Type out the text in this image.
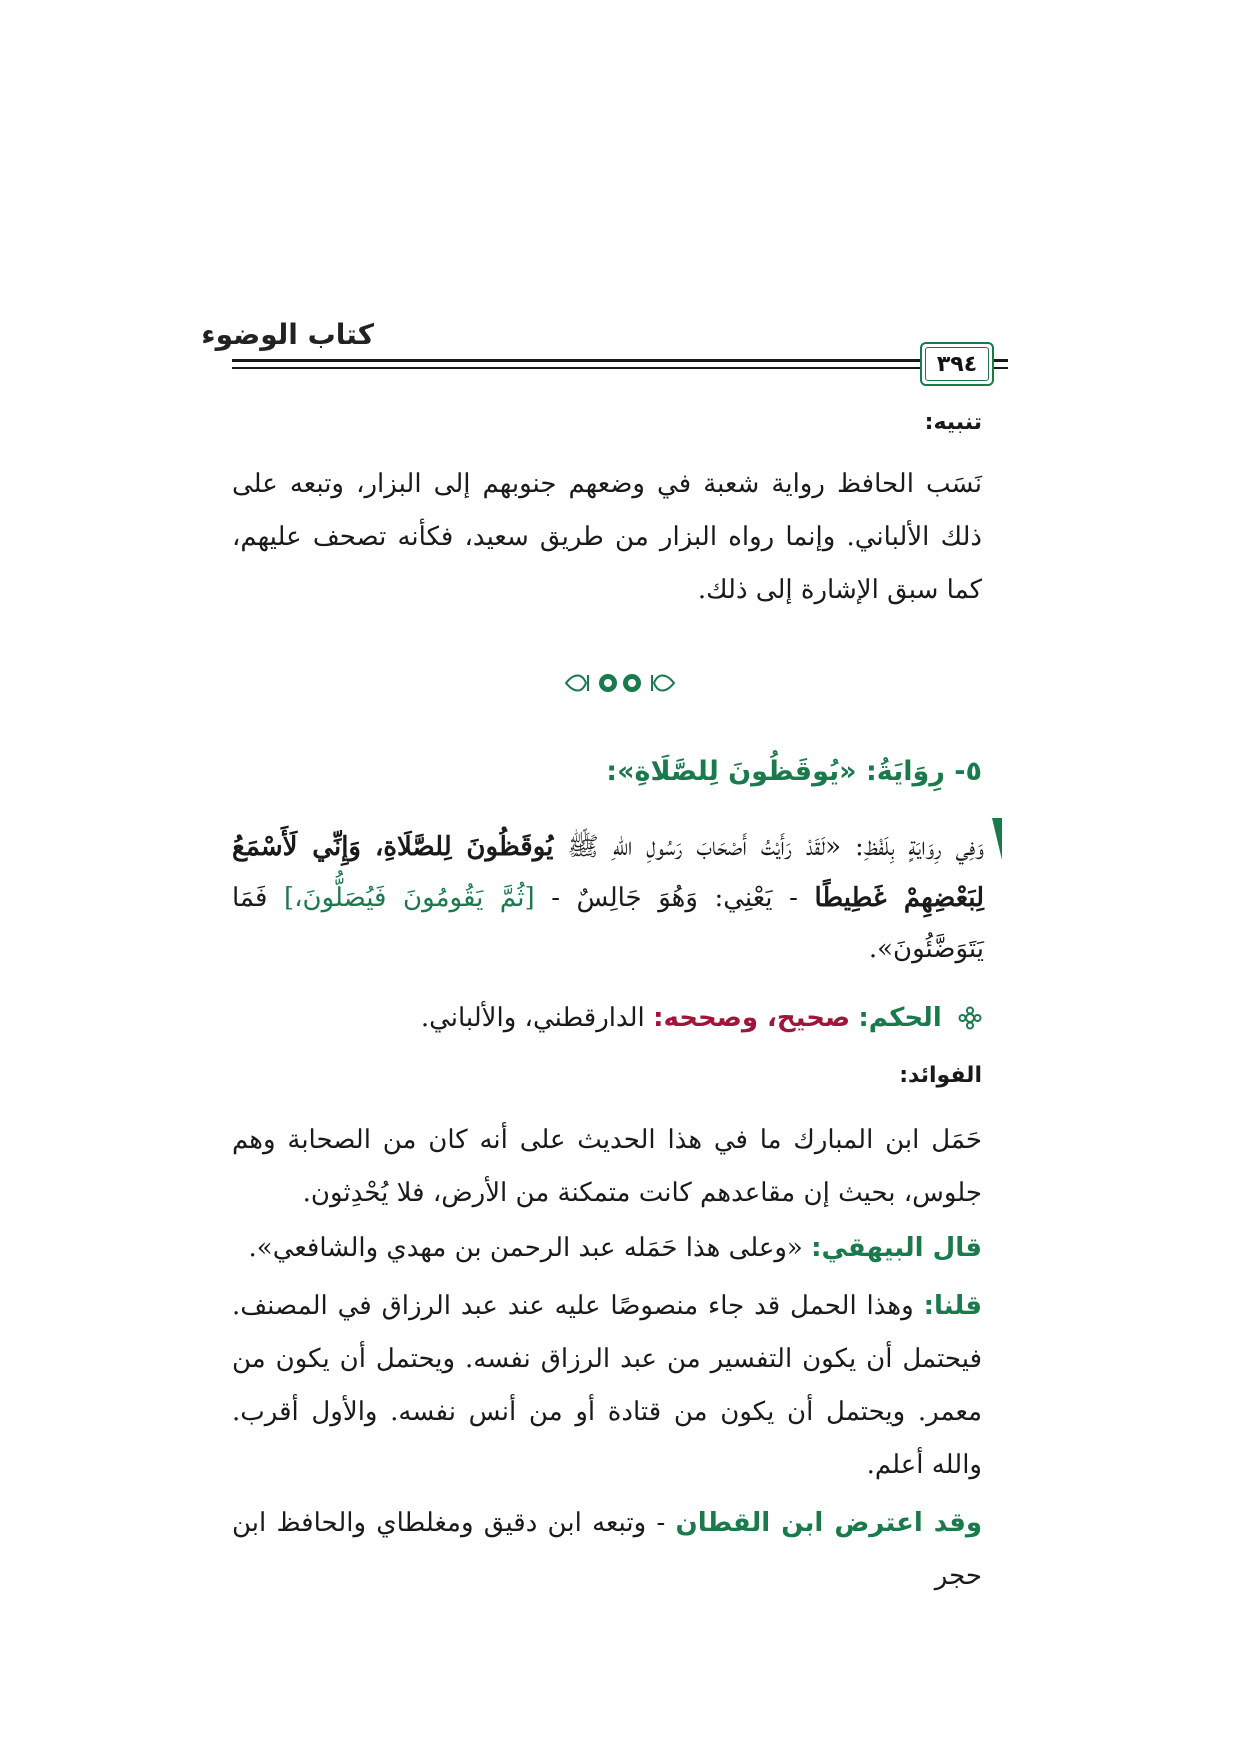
كتاب الوضوء
٣٩٤
تنبيه:
نَسَب الحافظ رواية شعبة في وضعهم جنوبهم إلى البزار، وتبعه على ذلك الألباني. وإنما رواه البزار من طريق سعيد، فكأنه تصحف عليهم، كما سبق الإشارة إلى ذلك.
٥- رِوَايَةُ: «يُوقَظُونَ لِلصَّلَاةِ»:
وَفِي رِوَايَةٍ بِلَفْظِ: «لَقَدْ رَأَيْتُ أَصْحَابَ رَسُولِ اللهِ ﷺ يُوقَظُونَ لِلصَّلَاةِ، وَإِنِّي لَأَسْمَعُ لِبَعْضِهِمْ غَطِيطًا - يَعْنِي: وَهُوَ جَالِسٌ - [ثُمَّ يَقُومُونَ فَيُصَلُّونَ،] فَمَا يَتَوَضَّئُونَ».
الحكم: صحيح، وصححه: الدارقطني، والألباني.
الفوائد:
حَمَل ابن المبارك ما في هذا الحديث على أنه كان من الصحابة وهم جلوس، بحيث إن مقاعدهم كانت متمكنة من الأرض، فلا يُحْدِثون.
قال البيهقي: «وعلى هذا حَمَله عبد الرحمن بن مهدي والشافعي».
قلنا: وهذا الحمل قد جاء منصوصًا عليه عند عبد الرزاق في المصنف. فيحتمل أن يكون التفسير من عبد الرزاق نفسه. ويحتمل أن يكون من معمر. ويحتمل أن يكون من قتادة أو من أنس نفسه. والأول أقرب. والله أعلم.
وقد اعترض ابن القطان - وتبعه ابن دقيق ومغلطاي والحافظ ابن حجر
